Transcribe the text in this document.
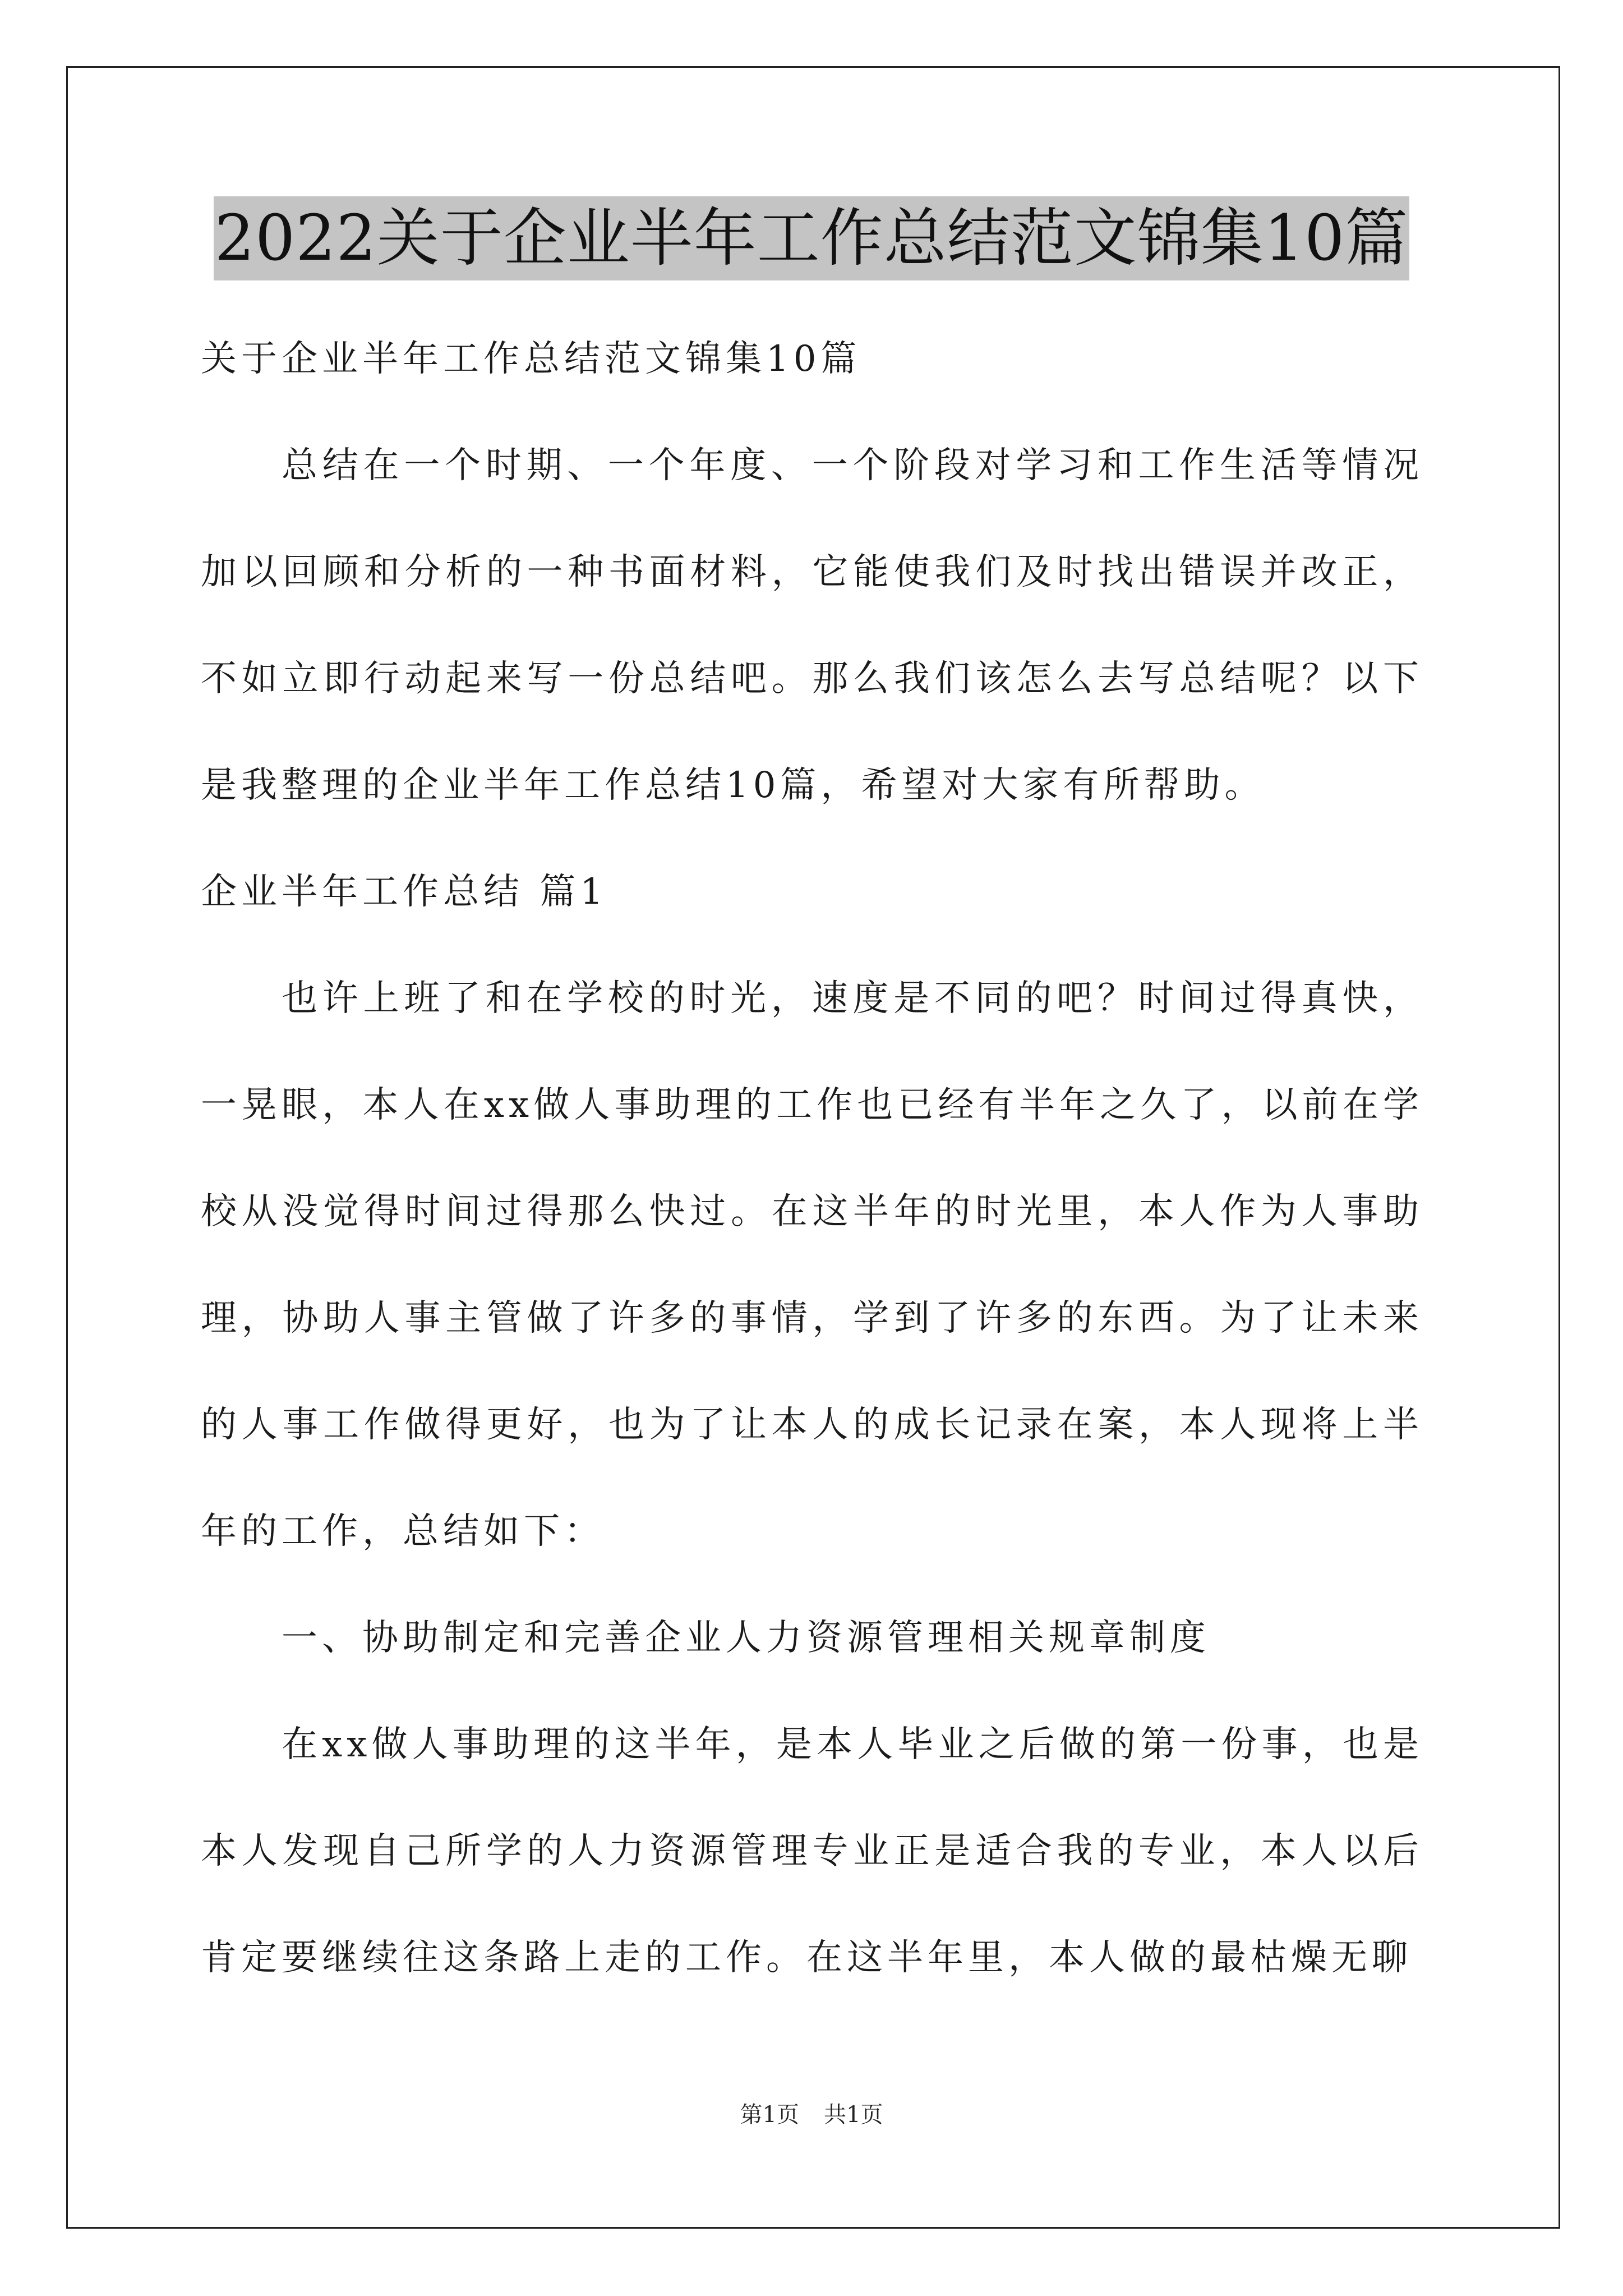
2022关于企业半年工作总结范文锦集10篇

关于企业半年工作总结范文锦集10篇

总结在一个时期、一个年度、一个阶段对学习和工作生活等情况加以回顾和分析的一种书面材料，它能使我们及时找出错误并改正，不如立即行动起来写一份总结吧。那么我们该怎么去写总结呢？以下是我整理的企业半年工作总结10篇，希望对大家有所帮助。

企业半年工作总结 篇1

也许上班了和在学校的时光，速度是不同的吧？时间过得真快，一晃眼，本人在xx做人事助理的工作也已经有半年之久了，以前在学校从没觉得时间过得那么快过。在这半年的时光里，本人作为人事助理，协助人事主管做了许多的事情，学到了许多的东西。为了让未来的人事工作做得更好，也为了让本人的成长记录在案，本人现将上半年的工作，总结如下：

一、协助制定和完善企业人力资源管理相关规章制度

在xx做人事助理的这半年，是本人毕业之后做的第一份事，也是本人发现自己所学的人力资源管理专业正是适合我的专业，本人以后肯定要继续往这条路上走的工作。在这半年里，本人做的最枯燥无聊

第1页 共1页
